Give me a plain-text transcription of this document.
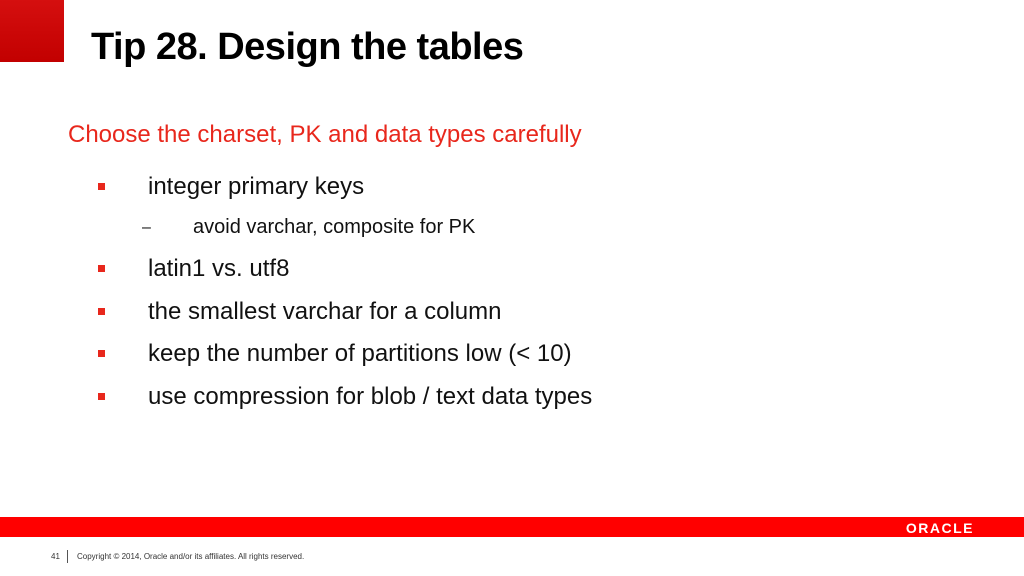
Tip 28. Design the tables
Choose the charset, PK and data types carefully
integer primary keys
– avoid varchar, composite for PK
latin1 vs. utf8
the smallest varchar for a column
keep the number of partitions low (< 10)
use compression for blob / text data types
ORACLE
41 Copyright © 2014, Oracle and/or its affiliates. All rights reserved.
